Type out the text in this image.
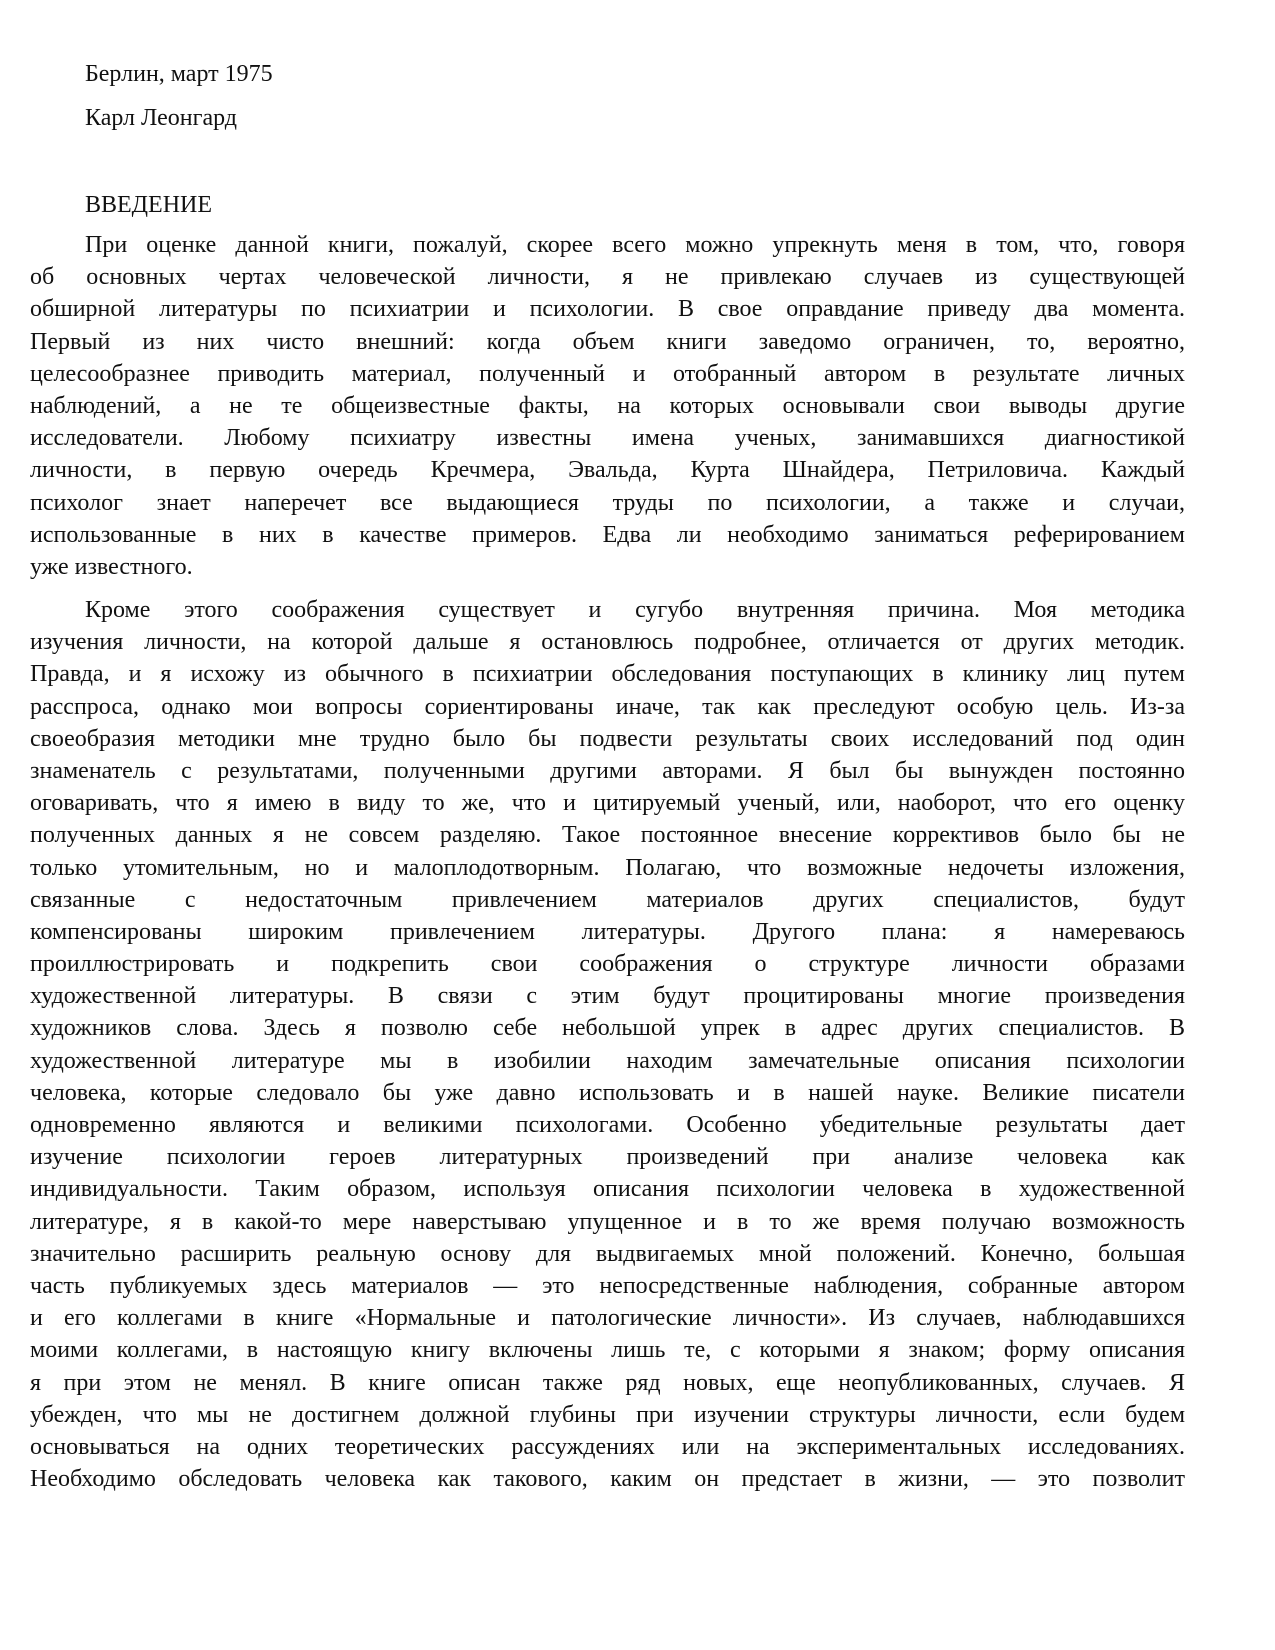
Берлин, март 1975
Карл Леонгард
ВВЕДЕНИЕ
При оценке данной книги, пожалуй, скорее всего можно упрекнуть меня в том, что, говоря
об основных чертах человеческой личности, я не привлекаю случаев из существующей
обширной литературы по психиатрии и психологии. В свое оправдание приведу два момента.
Первый из них чисто внешний: когда объем книги заведомо ограничен, то, вероятно,
целесообразнее приводить материал, полученный и отобранный автором в результате личных
наблюдений, а не те общеизвестные факты, на которых основывали свои выводы другие
исследователи. Любому психиатру известны имена ученых, занимавшихся диагностикой
личности, в первую очередь Кречмера, Эвальда, Курта Шнайдера, Петриловича. Каждый
психолог знает наперечет все выдающиеся труды по психологии, а также и случаи,
использованные в них в качестве примеров. Едва ли необходимо заниматься реферированием
уже известного.
Кроме этого соображения существует и сугубо внутренняя причина. Моя методика
изучения личности, на которой дальше я остановлюсь подробнее, отличается от других методик.
Правда, и я исхожу из обычного в психиатрии обследования поступающих в клинику лиц путем
расспроса, однако мои вопросы сориентированы иначе, так как преследуют особую цель. Из-за
своеобразия методики мне трудно было бы подвести результаты своих исследований под один
знаменатель с результатами, полученными другими авторами. Я был бы вынужден постоянно
оговаривать, что я имею в виду то же, что и цитируемый ученый, или, наоборот, что его оценку
полученных данных я не совсем разделяю. Такое постоянное внесение коррективов было бы не
только утомительным, но и малоплодотворным. Полагаю, что возможные недочеты изложения,
связанные с недостаточным привлечением материалов других специалистов, будут
компенсированы широким привлечением литературы. Другого плана: я намереваюсь
проиллюстрировать и подкрепить свои соображения о структуре личности образами
художественной литературы. В связи с этим будут процитированы многие произведения
художников слова. Здесь я позволю себе небольшой упрек в адрес других специалистов. В
художественной литературе мы в изобилии находим замечательные описания психологии
человека, которые следовало бы уже давно использовать и в нашей науке. Великие писатели
одновременно являются и великими психологами. Особенно убедительные результаты дает
изучение психологии героев литературных произведений при анализе человека как
индивидуальности. Таким образом, используя описания психологии человека в художественной
литературе, я в какой-то мере наверстываю упущенное и в то же время получаю возможность
значительно расширить реальную основу для выдвигаемых мной положений. Конечно, большая
часть публикуемых здесь материалов — это непосредственные наблюдения, собранные автором
и его коллегами в книге «Нормальные и патологические личности». Из случаев, наблюдавшихся
моими коллегами, в настоящую книгу включены лишь те, с которыми я знаком; форму описания
я при этом не менял. В книге описан также ряд новых, еще неопубликованных, случаев. Я
убежден, что мы не достигнем должной глубины при изучении структуры личности, если будем
основываться на одних теоретических рассуждениях или на экспериментальных исследованиях.
Необходимо обследовать человека как такового, каким он предстает в жизни, — это позволит
